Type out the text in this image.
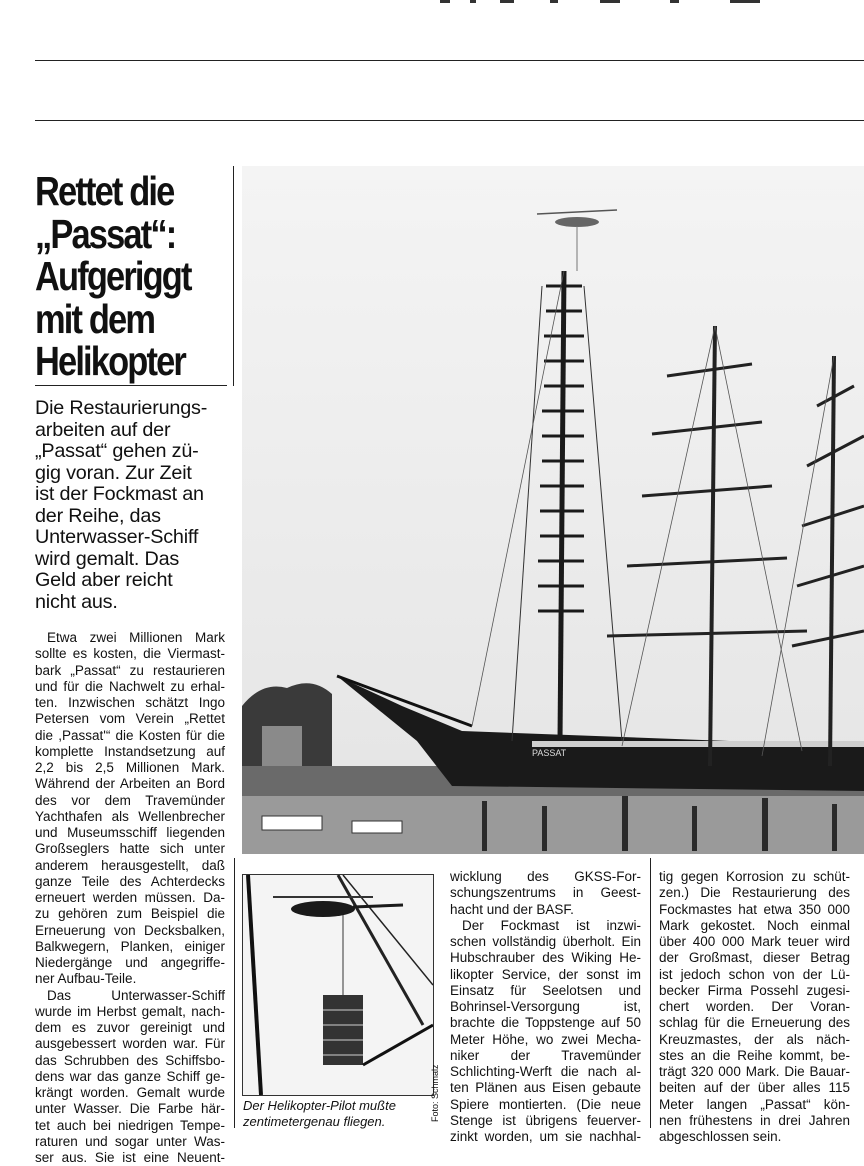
Rettet die
„Passat“:
Aufgeriggt
mit dem
Helikopter
Die Restaurierungs-
arbeiten auf der
„Passat“ gehen zü-
gig voran. Zur Zeit
ist der Fockmast an
der Reihe, das
Unterwasser-Schiff
wird gemalt. Das
Geld aber reicht
nicht aus.
Etwa zwei Millionen Mark
sollte es kosten, die Viermast-
bark „Passat“ zu restaurieren
und für die Nachwelt zu erhal-
ten. Inzwischen schätzt Ingo
Petersen vom Verein „Rettet
die ,Passat'“ die Kosten für die
komplette Instandsetzung auf
2,2 bis 2,5 Millionen Mark.
Während der Arbeiten an Bord
des vor dem Travemünder
Yachthafen als Wellenbrecher
und Museumsschiff liegenden
Großseglers hatte sich unter
anderem herausgestellt, daß
ganze Teile des Achterdecks
erneuert werden müssen. Da-
zu gehören zum Beispiel die
Erneuerung von Decksbalken,
Balkwegern, Planken, einiger
Niedergänge und angegriffe-
ner Aufbau-Teile.
Das Unterwasser-Schiff
wurde im Herbst gemalt, nach-
dem es zuvor gereinigt und
ausgebessert worden war. Für
das Schrubben des Schiffsbo-
dens war das ganze Schiff ge-
krängt worden. Gemalt wurde
unter Wasser. Die Farbe här-
tet auch bei niedrigen Tempe-
raturen und sogar unter Was-
ser aus. Sie ist eine Neuent-
PASSAT
Der Helikopter-Pilot mußte
zentimetergenau fliegen.	Foto: Schmalz
wicklung des GKSS-For-
schungszentrums in Geest-
hacht und der BASF.
Der Fockmast ist inzwi-
schen vollständig überholt. Ein
Hubschrauber des Wiking He-
likopter Service, der sonst im
Einsatz für Seelotsen und
Bohrinsel-Versorgung ist,
brachte die Toppstenge auf 50
Meter Höhe, wo zwei Mecha-
niker der Travemünder
Schlichting-Werft die nach al-
ten Plänen aus Eisen gebaute
Spiere montierten. (Die neue
Stenge ist übrigens feuerver-
zinkt worden, um sie nachhal-
tig gegen Korrosion zu schüt-
zen.) Die Restaurierung des
Fockmastes hat etwa 350 000
Mark gekostet. Noch einmal
über 400 000 Mark teuer wird
der Großmast, dieser Betrag
ist jedoch schon von der Lü-
becker Firma Possehl zugesi-
chert worden. Der Voran-
schlag für die Erneuerung des
Kreuzmastes, der als näch-
stes an die Reihe kommt, be-
trägt 320 000 Mark. Die Bauar-
beiten auf der über alles 115
Meter langen „Passat“ kön-
nen frühestens in drei Jahren
abgeschlossen sein.
